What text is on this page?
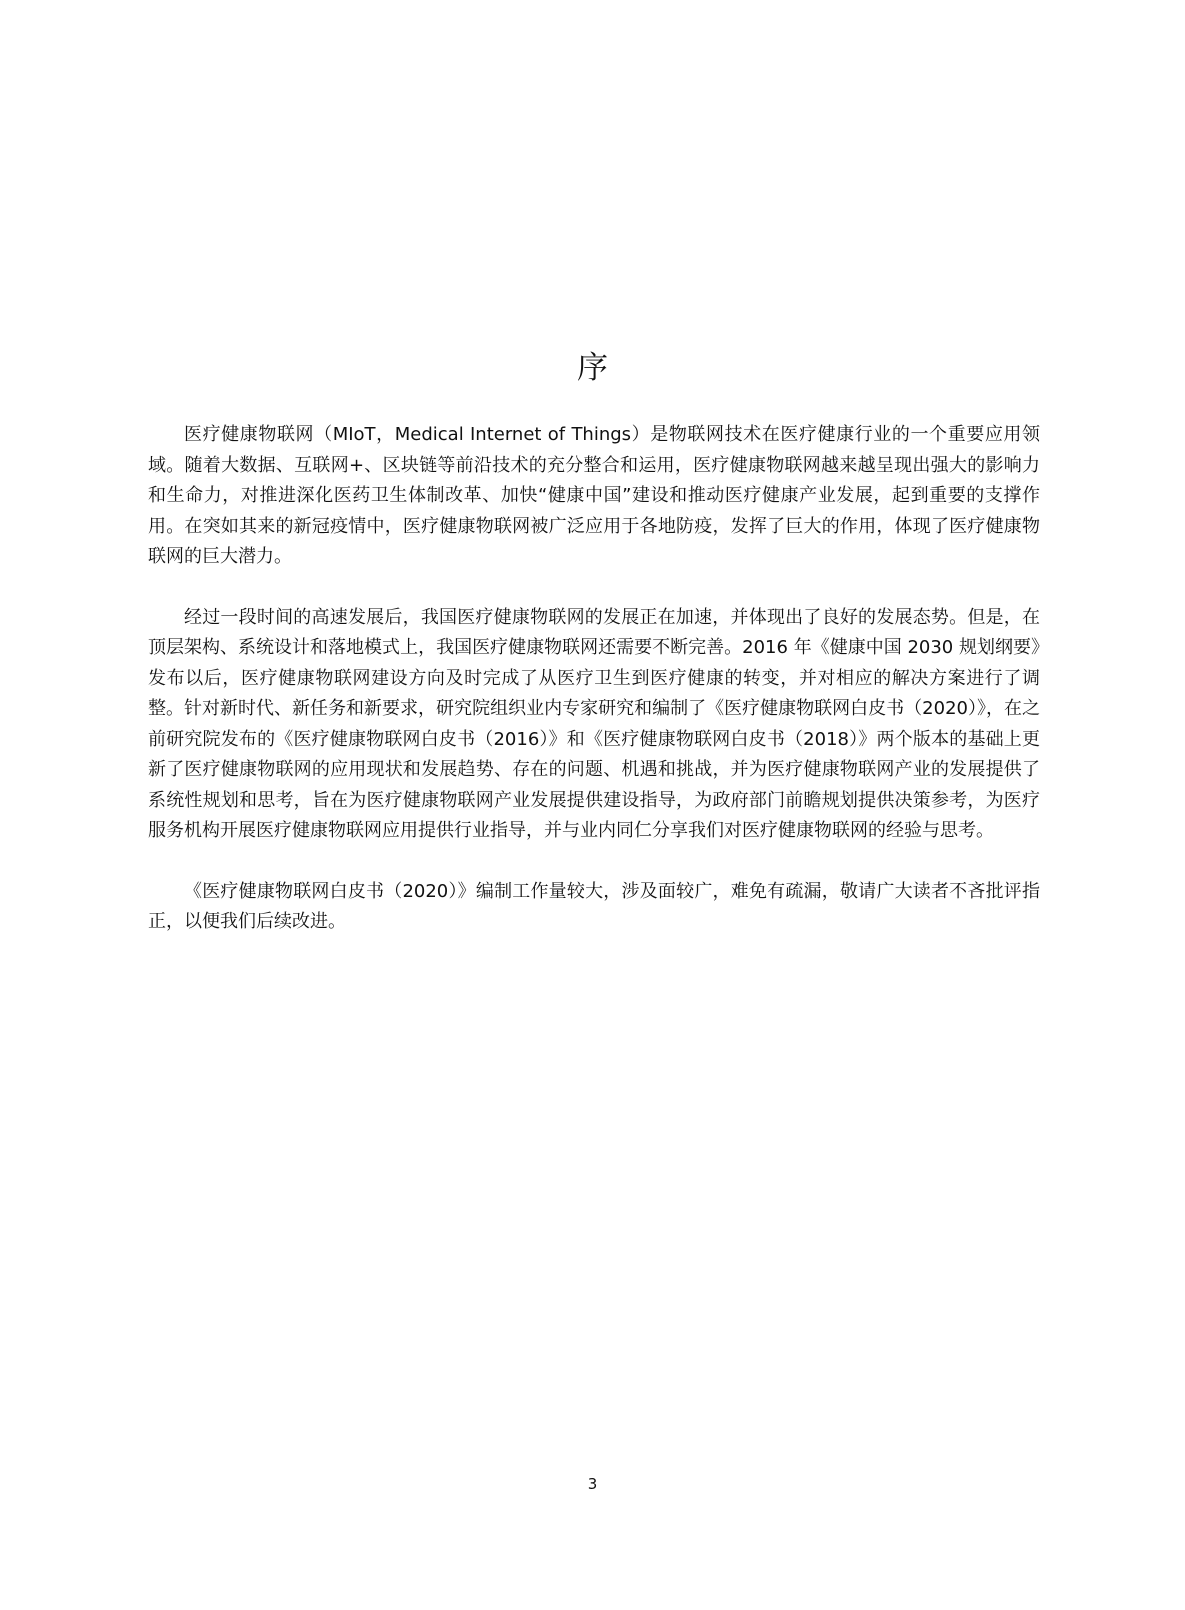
序

医疗健康物联网（MIoT，Medical Internet of Things）是物联网技术在医疗健康行业的一个重要应用领域。随着大数据、互联网+、区块链等前沿技术的充分整合和运用，医疗健康物联网越来越呈现出强大的影响力和生命力，对推进深化医药卫生体制改革、加快“健康中国”建设和推动医疗健康产业发展，起到重要的支撑作用。在突如其来的新冠疫情中，医疗健康物联网被广泛应用于各地防疫，发挥了巨大的作用，体现了医疗健康物联网的巨大潜力。

经过一段时间的高速发展后，我国医疗健康物联网的发展正在加速，并体现出了良好的发展态势。但是，在顶层架构、系统设计和落地模式上，我国医疗健康物联网还需要不断完善。2016 年《健康中国 2030 规划纲要》发布以后，医疗健康物联网建设方向及时完成了从医疗卫生到医疗健康的转变，并对相应的解决方案进行了调整。针对新时代、新任务和新要求，研究院组织业内专家研究和编制了《医疗健康物联网白皮书（2020）》，在之前研究院发布的《医疗健康物联网白皮书（2016）》和《医疗健康物联网白皮书（2018）》两个版本的基础上更新了医疗健康物联网的应用现状和发展趋势、存在的问题、机遇和挑战，并为医疗健康物联网产业的发展提供了系统性规划和思考，旨在为医疗健康物联网产业发展提供建设指导，为政府部门前瞻规划提供决策参考，为医疗服务机构开展医疗健康物联网应用提供行业指导，并与业内同仁分享我们对医疗健康物联网的经验与思考。

《医疗健康物联网白皮书（2020）》编制工作量较大，涉及面较广，难免有疏漏，敬请广大读者不吝批评指正，以便我们后续改进。

3
